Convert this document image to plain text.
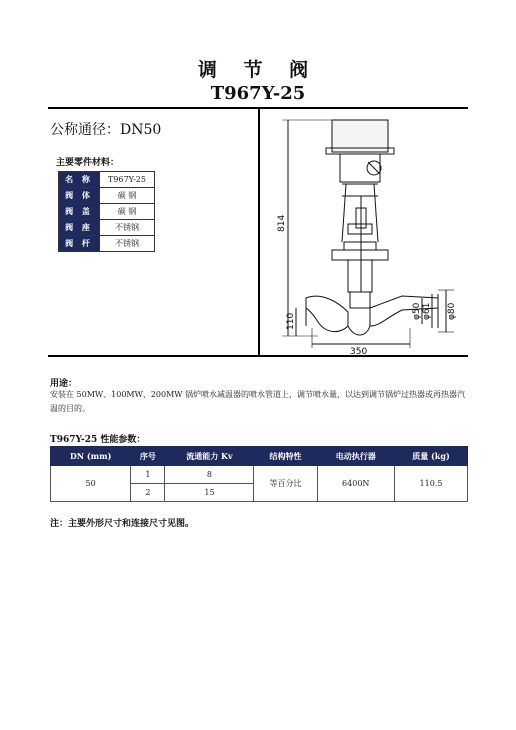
调 节 阀
T967Y-25
公称通径：DN50
主要零件材料：
名 称	T967Y-25
阀 体	碳 钢
阀 盖	碳 钢
阀 座	不锈钢
阀 杆	不锈钢
814
110
350
φ50 φ61 φ80
用途：
安装在 50MW、100MW、200MW 锅炉喷水减温器的喷水管道上，调节喷水量，以达到调节锅炉过热器或再热器汽温的目的。
T967Y-25 性能参数：
DN (mm)	序号	流通能力 Kv	结构特性	电动执行器	质量 (kg)
50	1	8	等百分比	6400N	110.5
	2	15			
注：主要外形尺寸和连接尺寸见图。
